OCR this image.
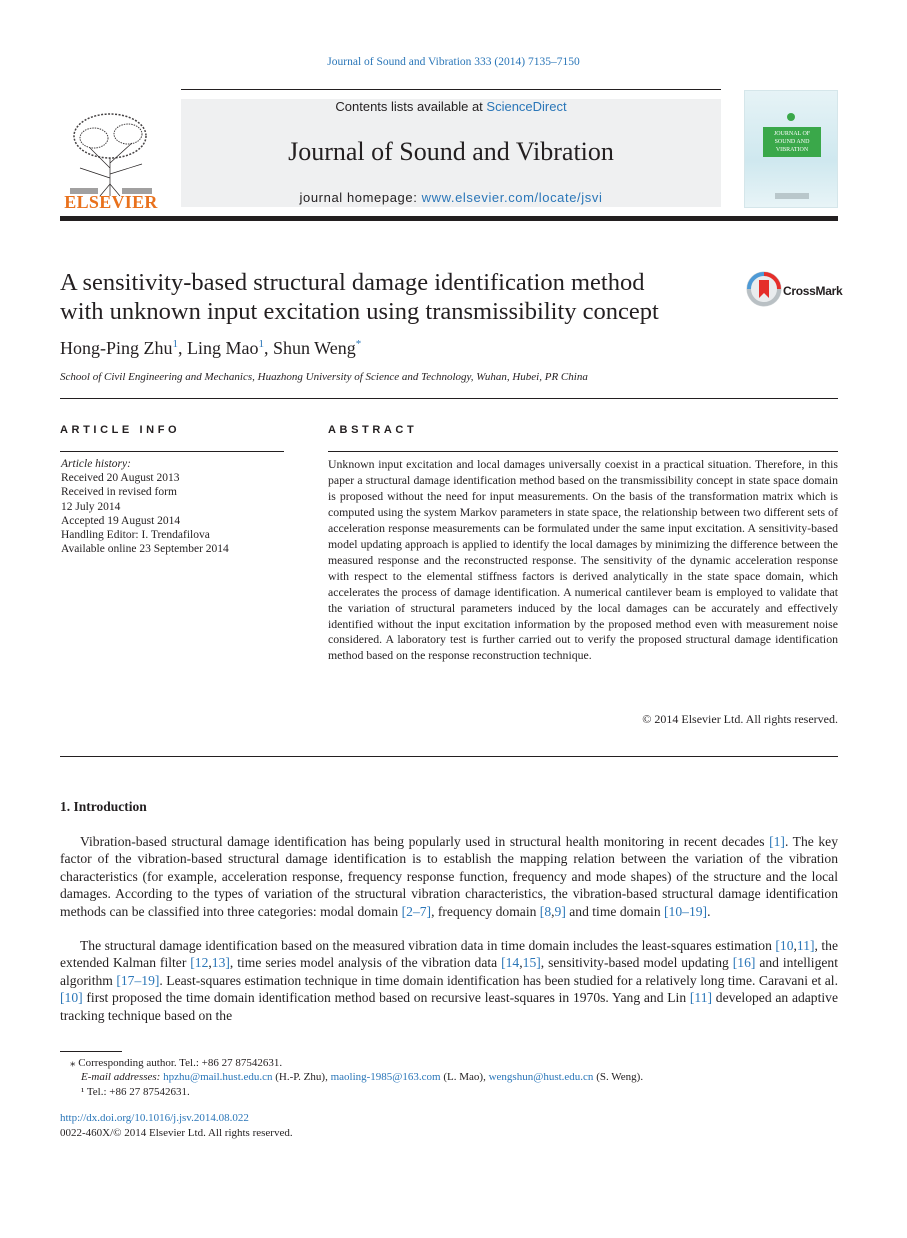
Journal of Sound and Vibration 333 (2014) 7135–7150
ELSEVIER
Contents lists available at ScienceDirect
Journal of Sound and Vibration
journal homepage: www.elsevier.com/locate/jsvi
JOURNAL OF SOUND AND VIBRATION
A sensitivity-based structural damage identification method
with unknown input excitation using transmissibility concept
CrossMark
Hong-Ping Zhu$^1$, Ling Mao$^1$, Shun Weng*
School of Civil Engineering and Mechanics, Huazhong University of Science and Technology, Wuhan, Hubei, PR China
ARTICLE INFO	ABSTRACT
Article history:
Received 20 August 2013
Received in revised form
12 July 2014
Accepted 19 August 2014
Handling Editor: I. Trendafilova
Available online 23 September 2014
Unknown input excitation and local damages universally coexist in a practical situation. Therefore, in this paper a structural damage identification method based on the transmissibility concept in state space domain is proposed without the need for input measurements. On the basis of the transformation matrix which is computed using the system Markov parameters in state space, the relationship between two different sets of acceleration response measurements can be formulated under the same input excitation. A sensitivity-based model updating approach is applied to identify the local damages by minimizing the difference between the measured response and the reconstructed response. The sensitivity of the dynamic acceleration response with respect to the elemental stiffness factors is derived analytically in the state space domain, which accelerates the process of damage identification. A numerical cantilever beam is employed to validate that the variation of structural parameters induced by the local damages can be accurately and effectively identified without the input excitation information by the proposed method even with measurement noise considered. A laboratory test is further carried out to verify the proposed structural damage identification method based on the response reconstruction technique.
© 2014 Elsevier Ltd. All rights reserved.
1. Introduction
Vibration-based structural damage identification has being popularly used in structural health monitoring in recent decades [1]. The key factor of the vibration-based structural damage identification is to establish the mapping relation between the variation of the vibration characteristics (for example, acceleration response, frequency response function, frequency and mode shapes) of the structure and the local damages. According to the types of variation of the structural vibration characteristics, the vibration-based structural damage identification methods can be classified into three categories: modal domain [2–7], frequency domain [8,9] and time domain [10–19].
The structural damage identification based on the measured vibration data in time domain includes the least-squares estimation [10,11], the extended Kalman filter [12,13], time series model analysis of the vibration data [14,15], sensitivity-based model updating [16] and intelligent algorithm [17–19]. Least-squares estimation technique in time domain identification has been studied for a relatively long time. Caravani et al. [10] first proposed the time domain identification method based on recursive least-squares in 1970s. Yang and Lin [11] developed an adaptive tracking technique based on the
⁎ Corresponding author. Tel.: +86 27 87542631.
E-mail addresses: hpzhu@mail.hust.edu.cn (H.-P. Zhu), maoling-1985@163.com (L. Mao), wengshun@hust.edu.cn (S. Weng).
¹ Tel.: +86 27 87542631.
http://dx.doi.org/10.1016/j.jsv.2014.08.022
0022-460X/© 2014 Elsevier Ltd. All rights reserved.
